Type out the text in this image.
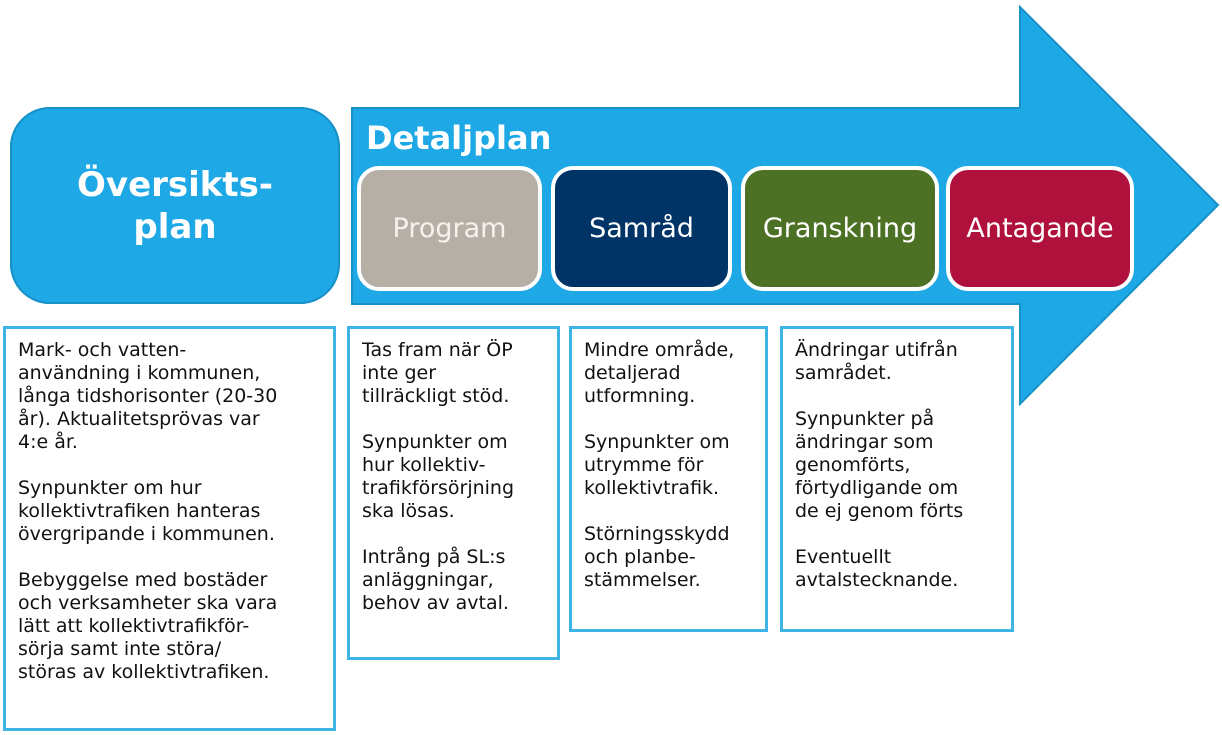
Översikts-
plan
Detaljplan
Program	Samråd	Granskning Antagande

Mark- och vatten-
användning i kommunen,
långa tidshorisonter (20-30
år). Aktualitetsprövas var
4:e år.

Synpunkter om hur
kollektivtrafiken hanteras
övergripande i kommunen.

Bebyggelse med bostäder
och verksamheter ska vara
lätt att kollektivtrafikför-
sörja samt inte störa/
störas av kollektivtrafiken.

Tas fram när ÖP
inte ger
tillräckligt stöd.

Synpunkter om
hur kollektiv-
trafikförsörjning
ska lösas.

Intrång på SL:s
anläggningar,
behov av avtal.

Mindre område,
detaljerad
utformning.

Synpunkter om
utrymme för
kollektivtrafik.

Störningsskydd
och planbe-
stämmelser.

Ändringar utifrån
samrådet.

Synpunkter på
ändringar som
genomförts,
förtydligande om
de ej genom förts

Eventuellt
avtalstecknande.
